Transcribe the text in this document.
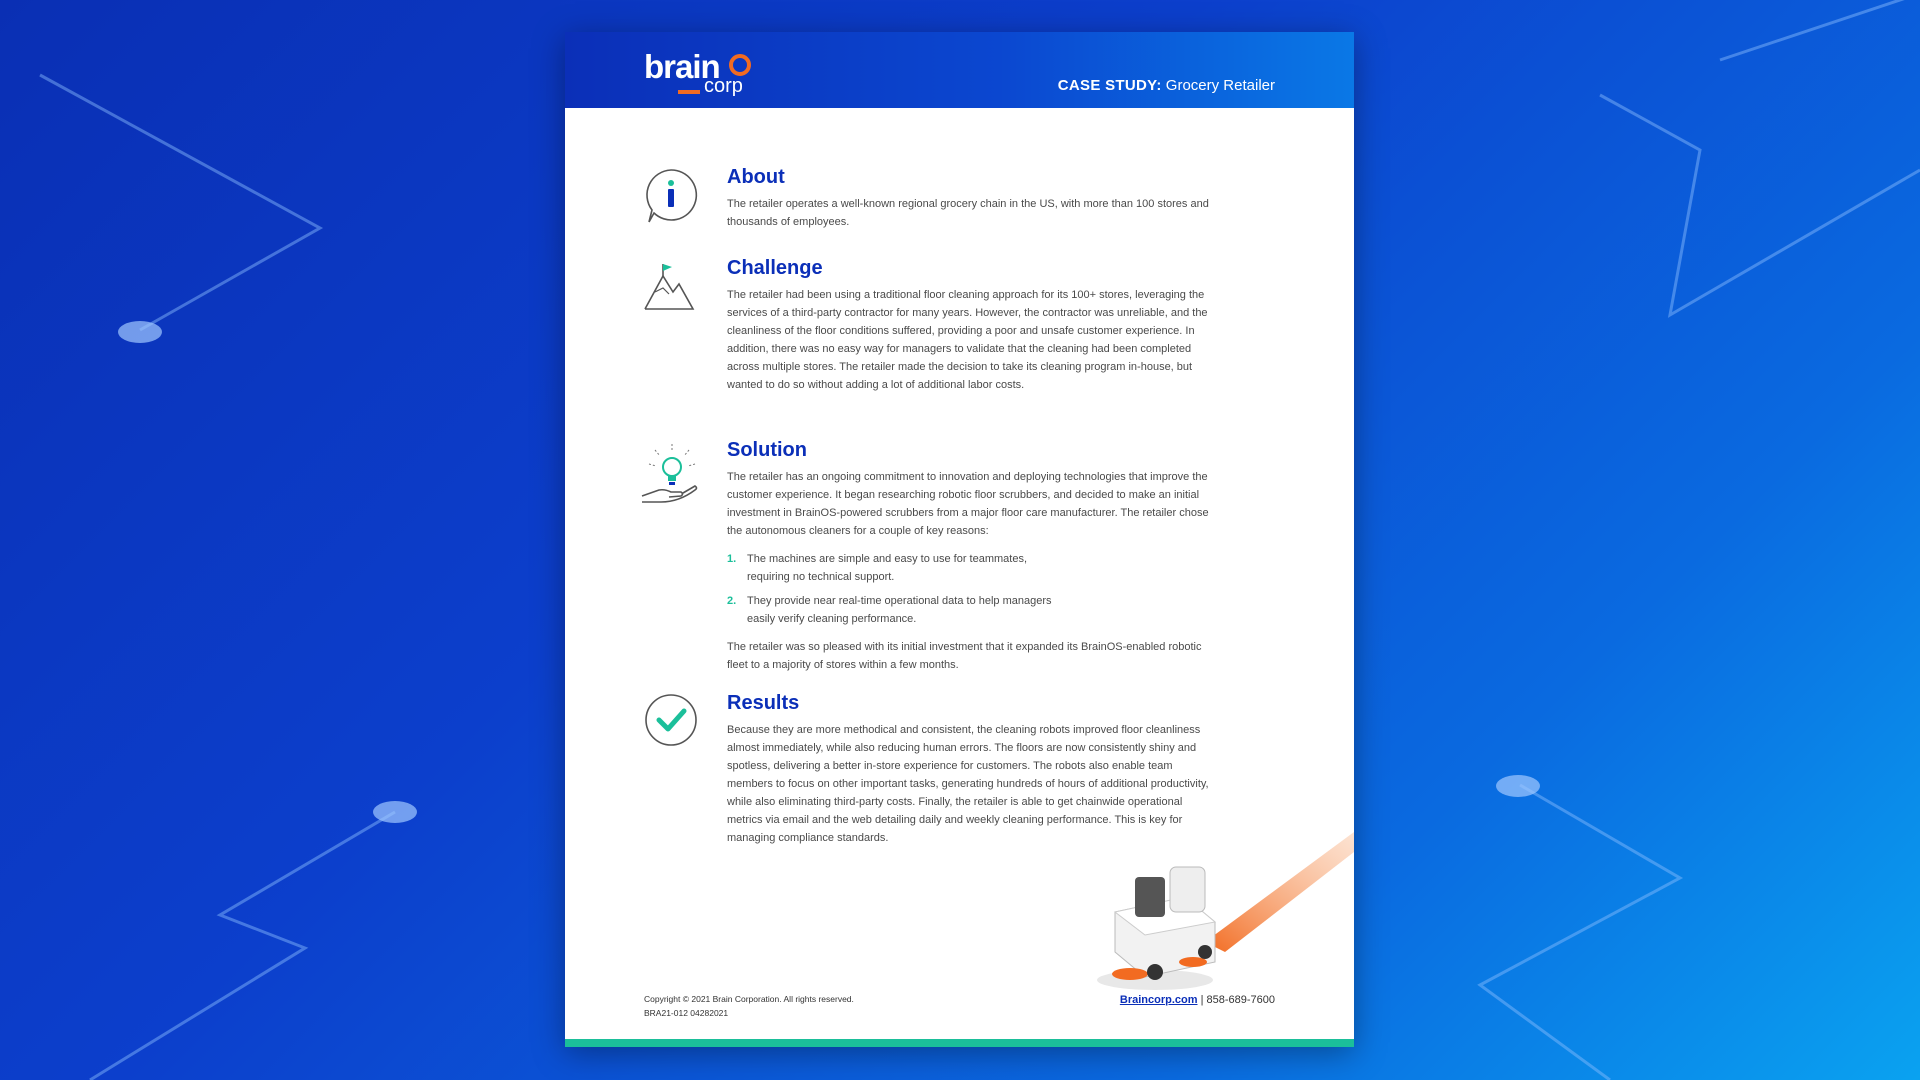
brain
corp	CASE STUDY: Grocery Retailer
About

The retailer operates a well-known regional grocery chain in the US, with more than 100 stores and thousands of employees.

Challenge

The retailer had been using a traditional floor cleaning approach for its 100+ stores, leveraging the services of a third-party contractor for many years. However, the contractor was unreliable, and the cleanliness of the floor conditions suffered, providing a poor and unsafe customer experience. In addition, there was no easy way for managers to validate that the cleaning had been completed across multiple stores. The retailer made the decision to take its cleaning program in-house, but wanted to do so without adding a lot of additional labor costs.

Solution

The retailer has an ongoing commitment to innovation and deploying technologies that improve the customer experience. It began researching robotic floor scrubbers, and decided to make an initial investment in BrainOS-powered scrubbers from a major floor care manufacturer. The retailer chose the autonomous cleaners for a couple of key reasons:

1. The machines are simple and easy to use for teammates, requiring no technical support.
2. They provide near real-time operational data to help managers easily verify cleaning performance.

The retailer was so pleased with its initial investment that it expanded its BrainOS-enabled robotic fleet to a majority of stores within a few months.

Results

Because they are more methodical and consistent, the cleaning robots improved floor cleanliness almost immediately, while also reducing human errors. The floors are now consistently shiny and spotless, delivering a better in-store experience for customers. The robots also enable team members to focus on other important tasks, generating hundreds of hours of additional productivity, while also eliminating third-party costs. Finally, the retailer is able to get chainwide operational metrics via email and the web detailing daily and weekly cleaning performance. This is key for managing compliance standards.

Copyright © 2021 Brain Corporation. All rights reserved.
BRA21-012 04282021
Braincorp.com | 858-689-7600
